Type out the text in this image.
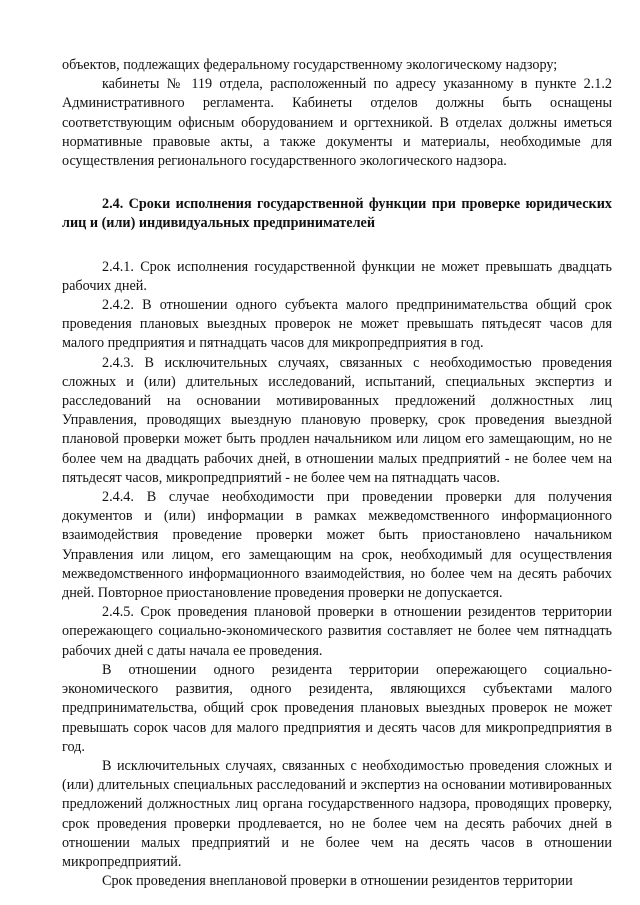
объектов, подлежащих федеральному государственному экологическому надзору;

кабинеты № 119 отдела, расположенный по адресу указанному в пункте 2.1.2 Административного регламента. Кабинеты отделов должны быть оснащены соответствующим офисным оборудованием и оргтехникой. В отделах должны иметься нормативные правовые акты, а также документы и материалы, необходимые для осуществления регионального государственного экологического надзора.

2.4. Сроки исполнения государственной функции при проверке юридических лиц и (или) индивидуальных предпринимателей

2.4.1. Срок исполнения государственной функции не может превышать двадцать рабочих дней.

2.4.2. В отношении одного субъекта малого предпринимательства общий срок проведения плановых выездных проверок не может превышать пятьдесят часов для малого предприятия и пятнадцать часов для микропредприятия в год.

2.4.3. В исключительных случаях, связанных с необходимостью проведения сложных и (или) длительных исследований, испытаний, специальных экспертиз и расследований на основании мотивированных предложений должностных лиц Управления, проводящих выездную плановую проверку, срок проведения выездной плановой проверки может быть продлен начальником или лицом его замещающим, но не более чем на двадцать рабочих дней, в отношении малых предприятий - не более чем на пятьдесят часов, микропредприятий - не более чем на пятнадцать часов.

2.4.4. В случае необходимости при проведении проверки для получения документов и (или) информации в рамках межведомственного информационного взаимодействия проведение проверки может быть приостановлено начальником Управления или лицом, его замещающим на срок, необходимый для осуществления межведомственного информационного взаимодействия, но более чем на десять рабочих дней. Повторное приостановление проведения проверки не допускается.

2.4.5. Срок проведения плановой проверки в отношении резидентов территории опережающего социально-экономического развития составляет не более чем пятнадцать рабочих дней с даты начала ее проведения.

В отношении одного резидента территории опережающего социально-экономического развития, одного резидента, являющихся субъектами малого предпринимательства, общий срок проведения плановых выездных проверок не может превышать сорок часов для малого предприятия и десять часов для микропредприятия в год.

В исключительных случаях, связанных с необходимостью проведения сложных и (или) длительных специальных расследований и экспертиз на основании мотивированных предложений должностных лиц органа государственного надзора, проводящих проверку, срок проведения проверки продлевается, но не более чем на десять рабочих дней в отношении малых предприятий и не более чем на десять часов в отношении микропредприятий.

Срок проведения внеплановой проверки в отношении резидентов территории
